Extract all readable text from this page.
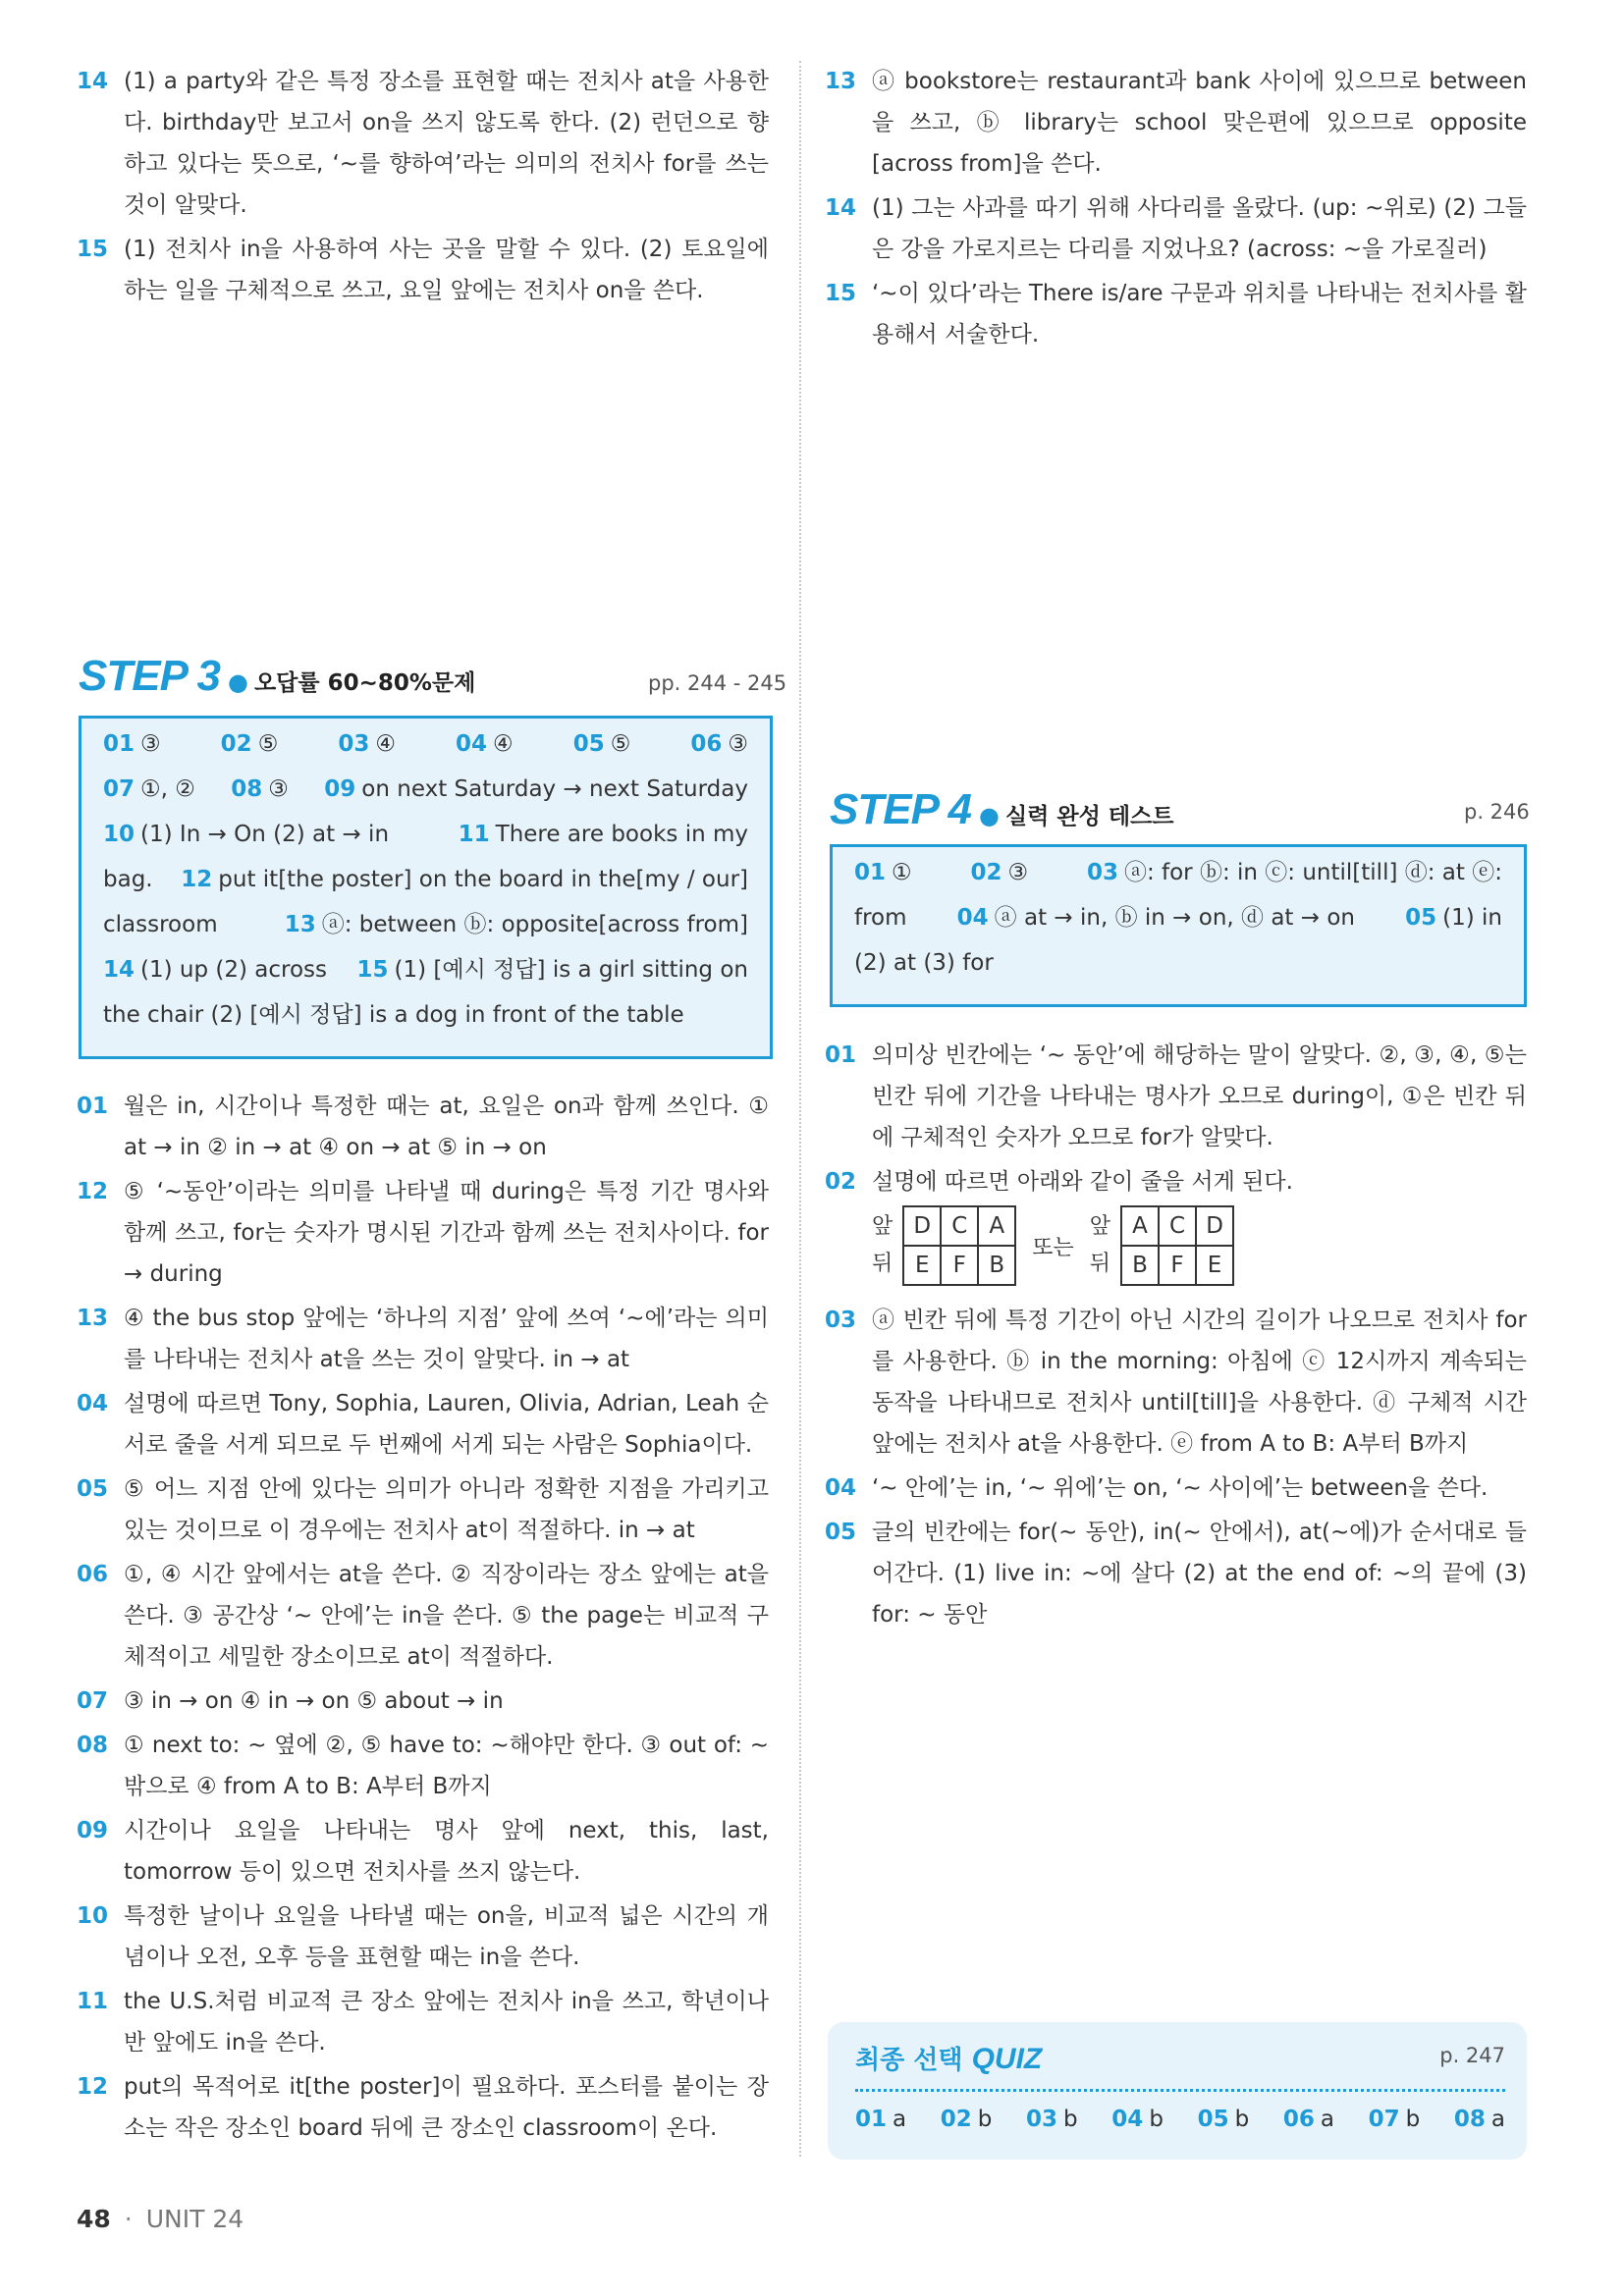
14 (1) a party와 같은 특정 장소를 표현할 때는 전치사 at을 사용한다. birthday만 보고서 on을 쓰지 않도록 한다. (2) 런던으로 향하고 있다는 뜻으로, ‘~를 향하여’라는 의미의 전치사 for를 쓰는 것이 알맞다.
15 (1) 전치사 in을 사용하여 사는 곳을 말할 수 있다. (2) 토요일에 하는 일을 구체적으로 쓰고, 요일 앞에는 전치사 on을 쓴다.
13 ⓐ bookstore는 restaurant과 bank 사이에 있으므로 between을 쓰고, ⓑ library는 school 맞은편에 있으므로 opposite [across from]을 쓴다.
14 (1) 그는 사과를 따기 위해 사다리를 올랐다. (up: ~위로) (2) 그들은 강을 가로지르는 다리를 지었나요? (across: ~을 가로질러)
15 ‘~이 있다’라는 There is/are 구문과 위치를 나타내는 전치사를 활용해서 서술한다.
STEP 3 ● 오답률 60~80%문제	pp. 244 - 245
01 ③	02 ⑤	03 ④	04 ④	05 ⑤	06 ③
07 ①, ② 08 ③ 09 on next Saturday → next Saturday
10 (1) In → On (2) at → in	11 There are books in my
bag. 12 put it[the poster] on the board in the[my / our]
classroom	13 ⓐ: between ⓑ: opposite[across from]
14 (1) up (2) across 15 (1) [예시 정답] is a girl sitting on
the chair (2) [예시 정답] is a dog in front of the table
01 월은 in, 시간이나 특정한 때는 at, 요일은 on과 함께 쓰인다. ① at → in ② in → at ④ on → at ⑤ in → on
12 ⑤ ‘~동안’이라는 의미를 나타낼 때 during은 특정 기간 명사와 함께 쓰고, for는 숫자가 명시된 기간과 함께 쓰는 전치사이다. for → during
13 ④ the bus stop 앞에는 ‘하나의 지점’ 앞에 쓰여 ‘~에’라는 의미를 나타내는 전치사 at을 쓰는 것이 알맞다. in → at
04 설명에 따르면 Tony, Sophia, Lauren, Olivia, Adrian, Leah 순서로 줄을 서게 되므로 두 번째에 서게 되는 사람은 Sophia이다.
05 ⑤ 어느 지점 안에 있다는 의미가 아니라 정확한 지점을 가리키고 있는 것이므로 이 경우에는 전치사 at이 적절하다. in → at
06 ①, ④ 시간 앞에서는 at을 쓴다. ② 직장이라는 장소 앞에는 at을 쓴다. ③ 공간상 ‘~ 안에’는 in을 쓴다. ⑤ the page는 비교적 구체적이고 세밀한 장소이므로 at이 적절하다.
07 ③ in → on ④ in → on ⑤ about → in
08 ① next to: ~ 옆에 ②, ⑤ have to: ~해야만 한다. ③ out of: ~ 밖으로 ④ from A to B: A부터 B까지
09 시간이나 요일을 나타내는 명사 앞에 next, this, last, tomorrow 등이 있으면 전치사를 쓰지 않는다.
10 특정한 날이나 요일을 나타낼 때는 on을, 비교적 넓은 시간의 개념이나 오전, 오후 등을 표현할 때는 in을 쓴다.
11 the U.S.처럼 비교적 큰 장소 앞에는 전치사 in을 쓰고, 학년이나 반 앞에도 in을 쓴다.
12 put의 목적어로 it[the poster]이 필요하다. 포스터를 붙이는 장소는 작은 장소인 board 뒤에 큰 장소인 classroom이 온다.
STEP 4 ● 실력 완성 테스트	p. 246
01 ①	02 ③	03 ⓐ: for ⓑ: in ⓒ: until[till] ⓓ: at ⓔ:
from 04 ⓐ at → in, ⓑ in → on, ⓓ at → on 05 (1) in
(2) at (3) for
01 의미상 빈칸에는 ‘~ 동안’에 해당하는 말이 알맞다. ②, ③, ④, ⑤는 빈칸 뒤에 기간을 나타내는 명사가 오므로 during이, ①은 빈칸 뒤에 구체적인 숫자가 오므로 for가 알맞다.
02 설명에 따르면 아래와 같이 줄을 서게 된다.
앞
뒤
D C A
E	F	B
또는
앞
뒤
A C D
B	F	E
03 ⓐ 빈칸 뒤에 특정 기간이 아닌 시간의 길이가 나오므로 전치사 for를 사용한다. ⓑ in the morning: 아침에 ⓒ 12시까지 계속되는 동작을 나타내므로 전치사 until[till]을 사용한다. ⓓ 구체적 시간 앞에는 전치사 at을 사용한다. ⓔ from A to B: A부터 B까지
04 ‘~ 안에’는 in, ‘~ 위에’는 on, ‘~ 사이에’는 between을 쓴다.
05 글의 빈칸에는 for(~ 동안), in(~ 안에서), at(~에)가 순서대로 들어간다. (1) live in: ~에 살다 (2) at the end of: ~의 끝에 (3) for: ~ 동안
최종 선택 QUIZ	p. 247
01 a 02 b 03 b 04 b 05 b 06 a 07 b 08 a
48 · UNIT 24
